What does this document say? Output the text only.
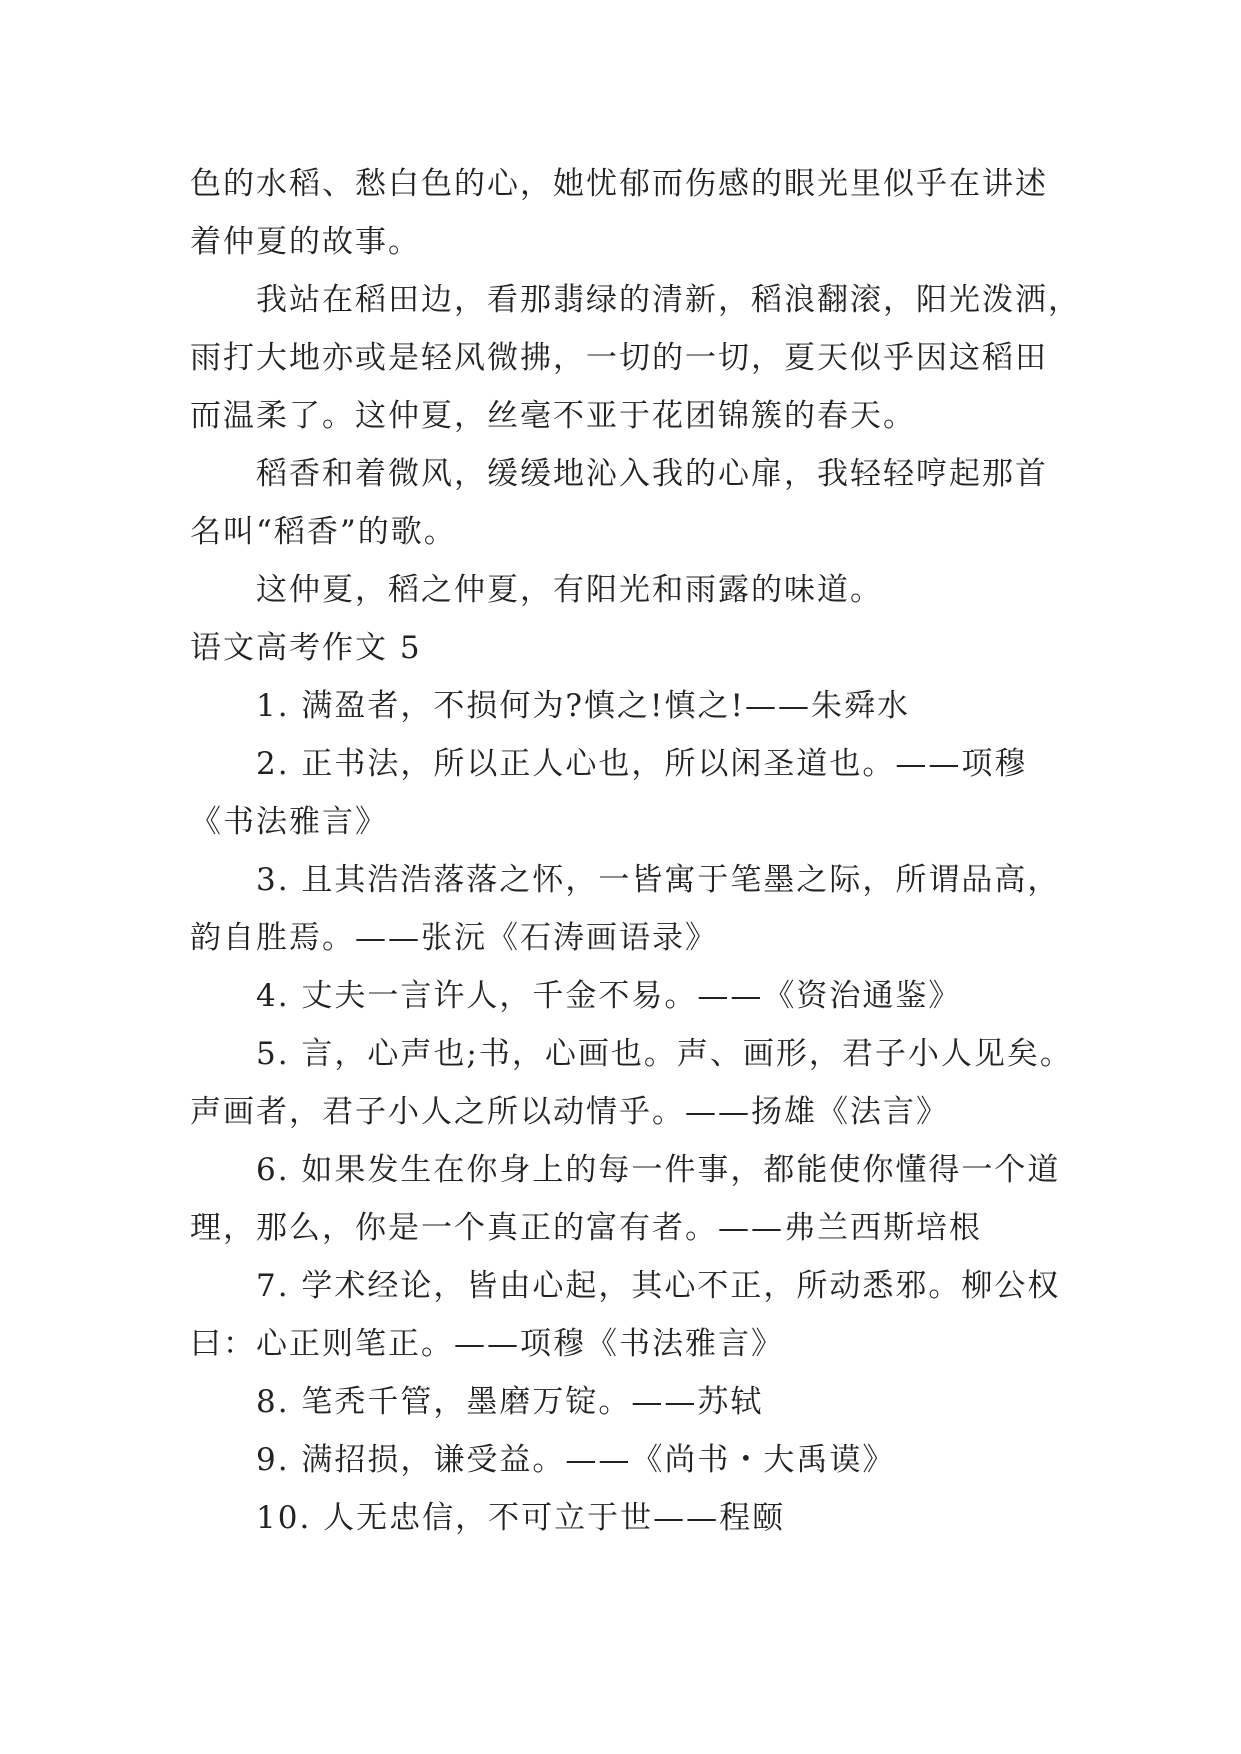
色的水稻、愁白色的心，她忧郁而伤感的眼光里似乎在讲述
着仲夏的故事。
我站在稻田边，看那翡绿的清新，稻浪翻滚，阳光泼洒，
雨打大地亦或是轻风微拂，一切的一切，夏天似乎因这稻田
而温柔了。这仲夏，丝毫不亚于花团锦簇的春天。
稻香和着微风，缓缓地沁入我的心扉，我轻轻哼起那首
名叫“稻香”的歌。
这仲夏，稻之仲夏，有阳光和雨露的味道。
语文高考作文 5
1. 满盈者，不损何为?慎之!慎之!——朱舜水
2. 正书法，所以正人心也，所以闲圣道也。——项穆
《书法雅言》
3. 且其浩浩落落之怀，一皆寓于笔墨之际，所谓品高，
韵自胜焉。——张沅《石涛画语录》
4. 丈夫一言许人，千金不易。——《资治通鉴》
5. 言，心声也;书，心画也。声、画形，君子小人见矣。
声画者，君子小人之所以动情乎。——扬雄《法言》
6. 如果发生在你身上的每一件事，都能使你懂得一个道
理，那么，你是一个真正的富有者。——弗兰西斯培根
7. 学术经论，皆由心起，其心不正，所动悉邪。柳公权
曰：心正则笔正。——项穆《书法雅言》
8. 笔秃千管，墨磨万锭。——苏轼
9. 满招损，谦受益。——《尚书・大禹谟》
10. 人无忠信，不可立于世——程颐
